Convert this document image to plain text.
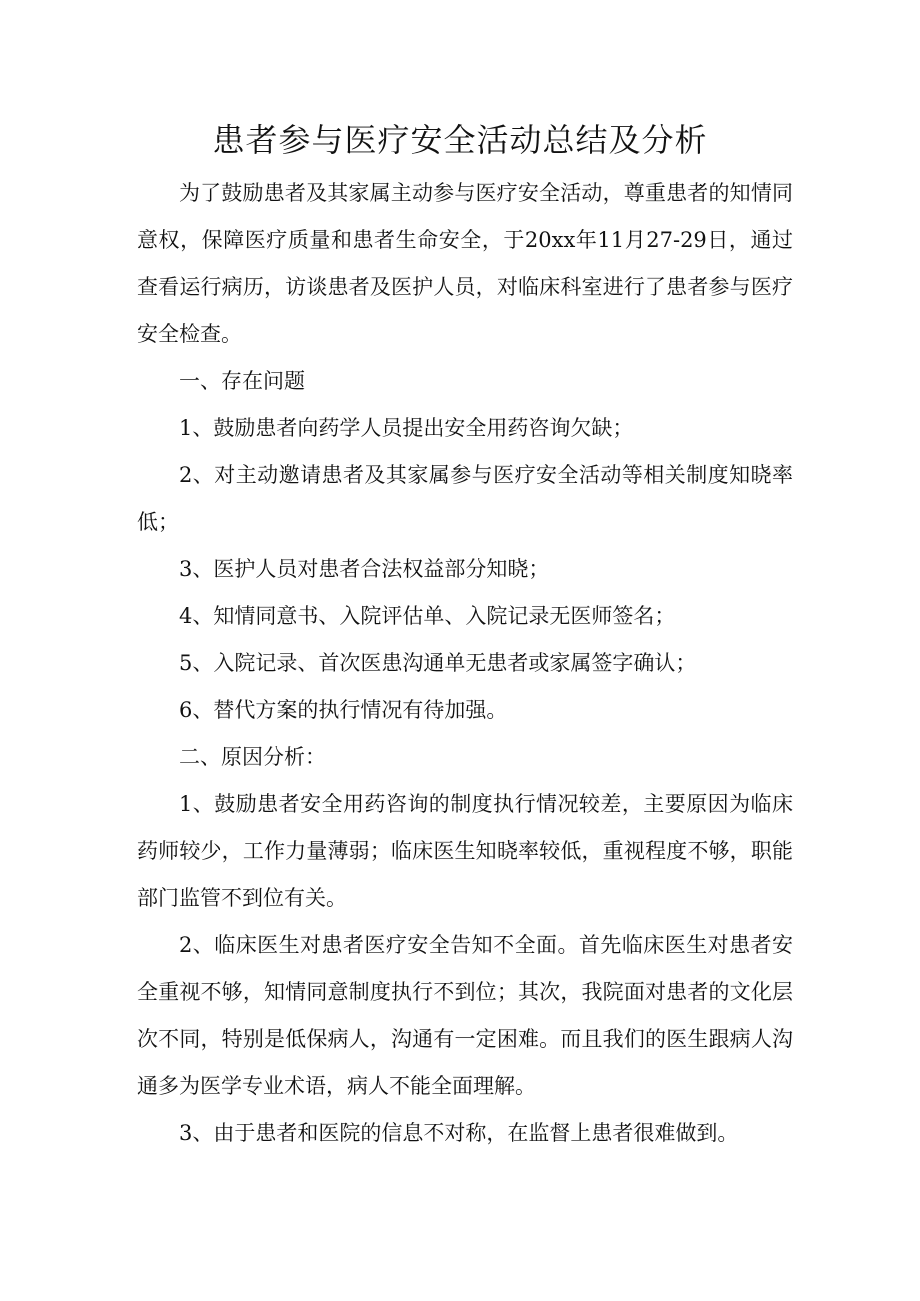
患者参与医疗安全活动总结及分析

为了鼓励患者及其家属主动参与医疗安全活动，尊重患者的知情同意权，保障医疗质量和患者生命安全，于20xx年11月27-29日，通过查看运行病历，访谈患者及医护人员，对临床科室进行了患者参与医疗安全检查。

一、存在问题

1、鼓励患者向药学人员提出安全用药咨询欠缺；

2、对主动邀请患者及其家属参与医疗安全活动等相关制度知晓率低；

3、医护人员对患者合法权益部分知晓；

4、知情同意书、入院评估单、入院记录无医师签名；

5、入院记录、首次医患沟通单无患者或家属签字确认；

6、替代方案的执行情况有待加强。

二、原因分析：

1、鼓励患者安全用药咨询的制度执行情况较差，主要原因为临床药师较少，工作力量薄弱；临床医生知晓率较低，重视程度不够，职能部门监管不到位有关。

2、临床医生对患者医疗安全告知不全面。首先临床医生对患者安全重视不够，知情同意制度执行不到位；其次，我院面对患者的文化层次不同，特别是低保病人，沟通有一定困难。而且我们的医生跟病人沟通多为医学专业术语，病人不能全面理解。

3、由于患者和医院的信息不对称，在监督上患者很难做到。
